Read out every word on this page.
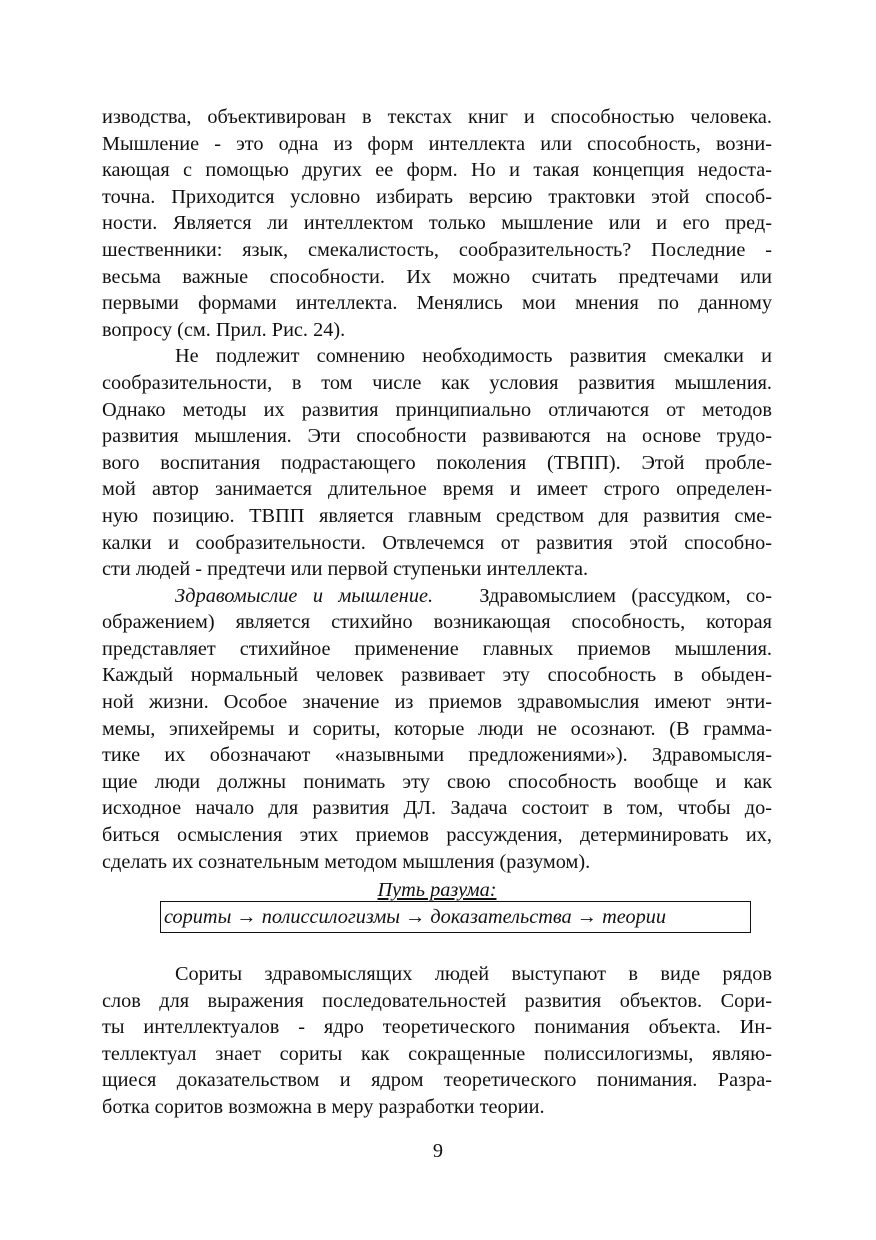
изводства, объективирован в текстах книг и способностью человека.
Мышление - это одна из форм интеллекта или способность, возни-
кающая с помощью других ее форм. Но и такая концепция недоста-
точна. Приходится условно избирать версию трактовки этой способ-
ности. Является ли интеллектом только мышление или и его пред-
шественники: язык, смекалистость, сообразительность? Последние -
весьма важные способности. Их можно считать предтечами или
первыми формами интеллекта. Менялись мои мнения по данному
вопросу (см. Прил. Рис. 24).
Не подлежит сомнению необходимость развития смекалки и
сообразительности, в том числе как условия развития мышления.
Однако методы их развития принципиально отличаются от методов
развития мышления. Эти способности развиваются на основе трудо-
вого воспитания подрастающего поколения (ТВПП). Этой пробле-
мой автор занимается длительное время и имеет строго определен-
ную позицию. ТВПП является главным средством для развития сме-
калки и сообразительности. Отвлечемся от развития этой способно-
сти людей - предтечи или первой ступеньки интеллекта.
Здравомыслие и мышление. Здравомыслием (рассудком, со-
ображением) является стихийно возникающая способность, которая
представляет стихийное применение главных приемов мышления.
Каждый нормальный человек развивает эту способность в обыден-
ной жизни. Особое значение из приемов здравомыслия имеют энти-
мемы, эпихейремы и сориты, которые люди не осознают. (В грамма-
тике их обозначают «назывными предложениями»). Здравомысля-
щие люди должны понимать эту свою способность вообще и как
исходное начало для развития ДЛ. Задача состоит в том, чтобы до-
биться осмысления этих приемов рассуждения, детерминировать их,
сделать их сознательным методом мышления (разумом).
Путь разума:
сориты → полиссилогизмы → доказательства → теории
Сориты здравомыслящих людей выступают в виде рядов
слов для выражения последовательностей развития объектов. Сори-
ты интеллектуалов - ядро теоретического понимания объекта. Ин-
теллектуал знает сориты как сокращенные полиссилогизмы, являю-
щиеся доказательством и ядром теоретического понимания. Разра-
ботка соритов возможна в меру разработки теории.
9
